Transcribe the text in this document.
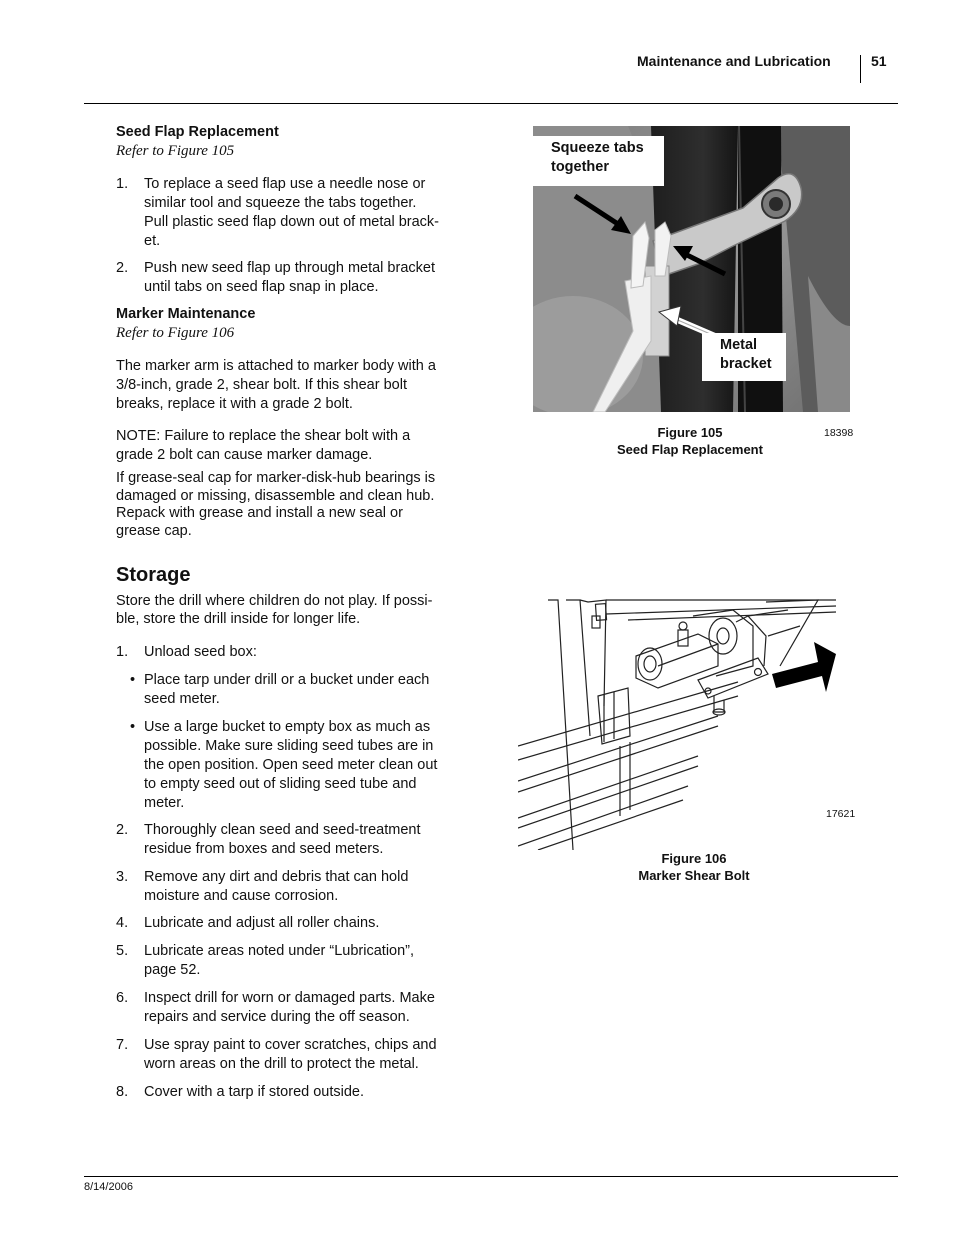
Maintenance and Lubrication	51
Seed Flap Replacement
Refer to Figure 105
1. To replace a seed flap use a needle nose or
similar tool and squeeze the tabs together.
Pull plastic seed flap down out of metal brack-
et.
2. Push new seed flap up through metal bracket
until tabs on seed flap snap in place.
Marker Maintenance
Refer to Figure 106
The marker arm is attached to marker body with a
3/8-inch, grade 2, shear bolt. If this shear bolt
breaks, replace it with a grade 2 bolt.
NOTE: Failure to replace the shear bolt with a
grade 2 bolt can cause marker damage.
If grease-seal cap for marker-disk-hub bearings is
damaged or missing, disassemble and clean hub.
Repack with grease and install a new seal or
grease cap.
Storage
Store the drill where children do not play. If possi-
ble, store the drill inside for longer life.
1. Unload seed box:
• Place tarp under drill or a bucket under each
seed meter.
• Use a large bucket to empty box as much as
possible. Make sure sliding seed tubes are in
the open position. Open seed meter clean out
to empty seed out of sliding seed tube and
meter.
2. Thoroughly clean seed and seed-treatment
residue from boxes and seed meters.
3. Remove any dirt and debris that can hold
moisture and cause corrosion.
4. Lubricate and adjust all roller chains.
5. Lubricate areas noted under “Lubrication”,
page 52.
6. Inspect drill for worn or damaged parts. Make
repairs and service during the off season.
7. Use spray paint to cover scratches, chips and
worn areas on the drill to protect the metal.
8. Cover with a tarp if stored outside.
Squeeze tabs
together
Metal
bracket
18398
Figure 105
Seed Flap Replacement
17621
Figure 106
Marker Shear Bolt
8/14/2006
